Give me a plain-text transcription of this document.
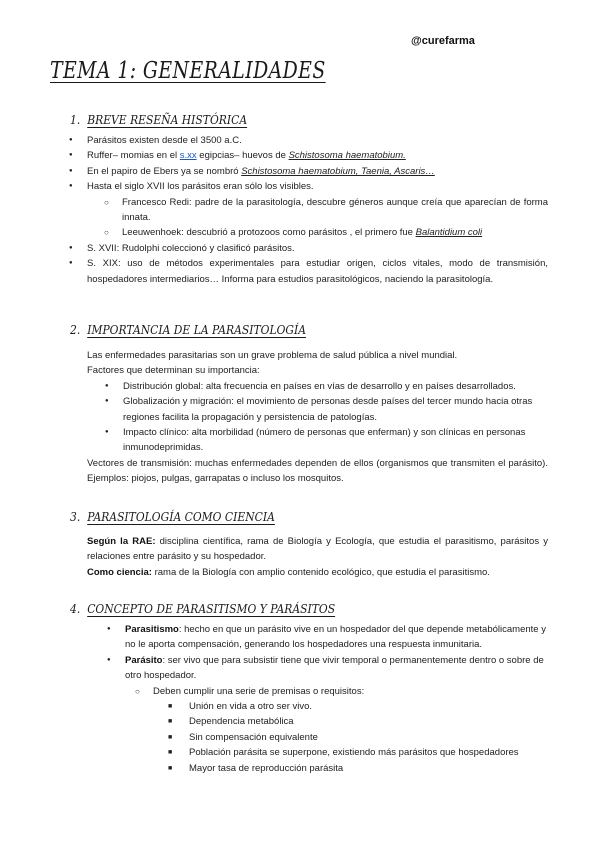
@curefarma
TEMA 1: GENERALIDADES
1. BREVE RESEÑA HISTÓRICA
● Parásitos existen desde el 3500 a.C.
● Ruffer– momias en el s.xx egipcias– huevos de Schistosoma haematobium.
● En el papiro de Ebers ya se nombró Schistosoma haematobium, Taenia, Ascaris…
● Hasta el siglo XVII los parásitos eran sólo los visibles.
○ Francesco Redi: padre de la parasitología, descubre géneros aunque creía que aparecían de forma innata.
○ Leeuwenhoek: descubrió a protozoos como parásitos , el primero fue Balantidium coli
● S. XVII: Rudolphi coleccionó y clasificó parásitos.
● S. XIX: uso de métodos experimentales para estudiar origen, ciclos vitales, modo de transmisión, hospedadores intermediarios… Informa para estudios parasitológicos, naciendo la parasitología.
2. IMPORTANCIA DE LA PARASITOLOGÍA

Las enfermedades parasitarias son un grave problema de salud pública a nivel mundial.

Factores que determinan su importancia:

● Distribución global: alta frecuencia en países en vías de desarrollo y en países desarrollados.
● Globalización y migración: el movimiento de personas desde países del tercer mundo hacia otras regiones facilita la propagación y persistencia de patologías.
● Impacto clínico: alta morbilidad (número de personas que enferman) y son clínicas en personas inmunodeprimidas.

Vectores de transmisión: muchas enfermedades dependen de ellos (organismos que transmiten el parásito). Ejemplos: piojos, pulgas, garrapatas o incluso los mosquitos.

3. PARASITOLOGÍA COMO CIENCIA

Según la RAE: disciplina científica, rama de Biología y Ecología, que estudia el parasitismo, parásitos y relaciones entre parásito y su hospedador.

Como ciencia: rama de la Biología con amplio contenido ecológico, que estudia el parasitismo.

4. CONCEPTO DE PARASITISMO Y PARÁSITOS
● Parasitismo: hecho en que un parásito vive en un hospedador del que depende metabólicamente y no le aporta compensación, generando los hospedadores una respuesta inmunitaria.
● Parásito: ser vivo que para subsistir tiene que vivir temporal o permanentemente dentro o sobre de otro hospedador.
○ Deben cumplir una serie de premisas o requisitos:
■ Unión en vida a otro ser vivo.
■ Dependencia metabólica
■ Sin compensación equivalente
■ Población parásita se superpone, existiendo más parásitos que hospedadores
■ Mayor tasa de reproducción parásita
